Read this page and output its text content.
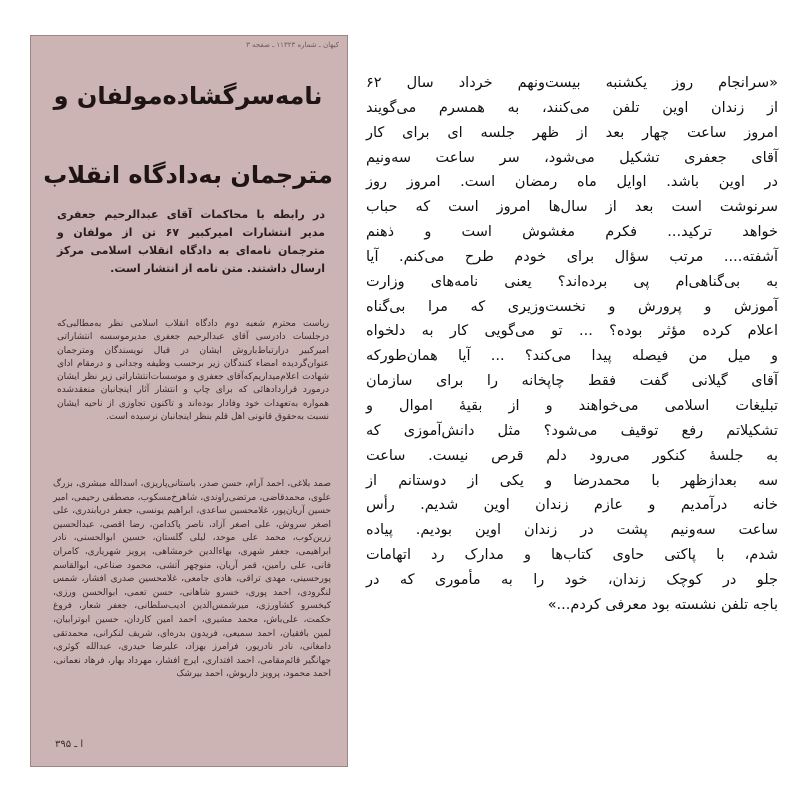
کیهان ـ شماره ۱۱۳۲۳ ـ صفحه ۳
نامه‌سرگشاده‌مولفان و
مترجمان به‌دادگاه انقلاب
در رابطه با محاکمات آقای عبدالرحیم جعفری مدیر انتشارات امیرکبیر ۶۷ تن از مولفان و مترجمان نامه‌ای به دادگاه انقلاب اسلامی مرکز ارسال داشتند. متن نامه از انتشار است.
ریاست محترم شعبه دوم دادگاه انقلاب اسلامی نظر به‌مطالبی‌که درجلسات دادرسی آقای عبدالرحیم جعفری مدیرموسسه انتشاراتی امیرکبیر درارتباط‌باروش ایشان در قبال نویسندگان ومترجمان عنوان‌گردیده امضاء کنندگان زیر برحسب وظیفه وجدانی و درمقام ادای شهادت اعلام‌میداریم‌که‌آقای جعفری و موسسات‌انتشاراتی زیر نظر ایشان درمورد قراردادهائی که برای چاپ و انتشار آثار اینجانبان منعقدشده همواره به‌تعهدات خود وفادار بوده‌اند و تاکنون تجاوزی از ناحیه ایشان نسبت به‌حقوق قانونی اهل قلم بنظر اینجانبان نرسیده است.
صمد بلاغی، احمد آرام، حسن صدر، باستانی‌پاریزی، اسدالله مبشری، بزرگ علوی، محمدقاضی، مرتضی‌راوندی، شاهرخ‌مسکوب، مصطفی رحیمی، امیر حسین آریان‌پور، غلامحسین ساعدی، ابراهیم یونسی، جعفر دریابندری، علی اصغر سروش، علی اصغر آزاد، ناصر پاکدامن، رضا اقصی، عبدالحسین زرین‌کوب، محمد علی موحد، لیلی گلستان، حسین ابوالحسنی، نادر ابراهیمی، جعفر شهری، بهاءالدین خرمشاهی، پرویز شهریاری، کامران فانی، علی رامین، قمر آریان، منوچهر آتشی، محمود صناعی، ابوالقاسم پورحسینی، مهدی تراقی، هادی جامعی، غلامحسین صدری افشار، شمس لنگرودی، احمد پوری، خسرو شاهانی، حسن تعمی، ابوالحسن ورزی، کیخسرو کشاورزی، میرشمس‌الدین ادیب‌سلطانی، جعفر شعار، فروغ حکمت، علی‌باش، محمد مشیری، احمد امین کاردان، حسین ابوترابیان، لمین بافقیان، احمد سمیعی، فریدون بدره‌ای، شریف لنکرانی، محمدتقی دامغانی، نادر نادرپور، فرامرز بهزاد، علیرضا حیدری، عبدالله کوثری، جهانگیر قائم‌مقامی، احمد افتداری، ایرج افشار، مهرداد بهار، فرهاد نعمانی، احمد محمود، پرویز داریوش، احمد بیرشک
ا ـ ۳۹۵
«سرانجام روز یکشنبه بیست‌ونهم خرداد سال ۶۲
از زندان اوین تلفن می‌کنند، به همسرم می‌گویند
امروز ساعت چهار بعد از ظهر جلسه ای برای کار
آقای جعفری تشکیل می‌شود، سر ساعت سه‌ونیم
در اوین باشد. اوایل ماه رمضان است. امروز روز
سرنوشت است بعد از سال‌ها امروز است که حباب
خواهد ترکید... فکرم مغشوش است و ذهنم
آشفته.... مرتب سؤال برای خودم طرح می‌کنم. آیا
به بی‌گناهی‌ام پی برده‌اند؟ یعنی نامه‌های وزارت
آموزش و پرورش و نخست‌وزیری که مرا بی‌گناه
اعلام کرده مؤثر بوده؟ ... تو می‌گویی کار به دلخواه
و میل من فیصله پیدا می‌کند؟ ... آیا همان‌طورکه
آقای گیلانی گفت فقط چاپخانه را برای سازمان
تبلیغات اسلامی می‌خواهند و از بقیهٔ اموال و
تشکیلاتم رفع توقیف می‌شود؟ مثل دانش‌آموزی که
به جلسهٔ کنکور می‌رود دلم قرص نیست. ساعت
سه بعدازظهر با محمدرضا و یکی از دوستانم از
خانه درآمدیم و عازم زندان اوین شدیم. رأس
ساعت سه‌ونیم پشت در زندان اوین بودیم. پیاده
شدم، با پاکتی حاوی کتاب‌ها و مدارک رد اتهامات
جلو در کوچک زندان، خود را به مأموری که در
باجه تلفن نشسته بود معرفی کردم...»
